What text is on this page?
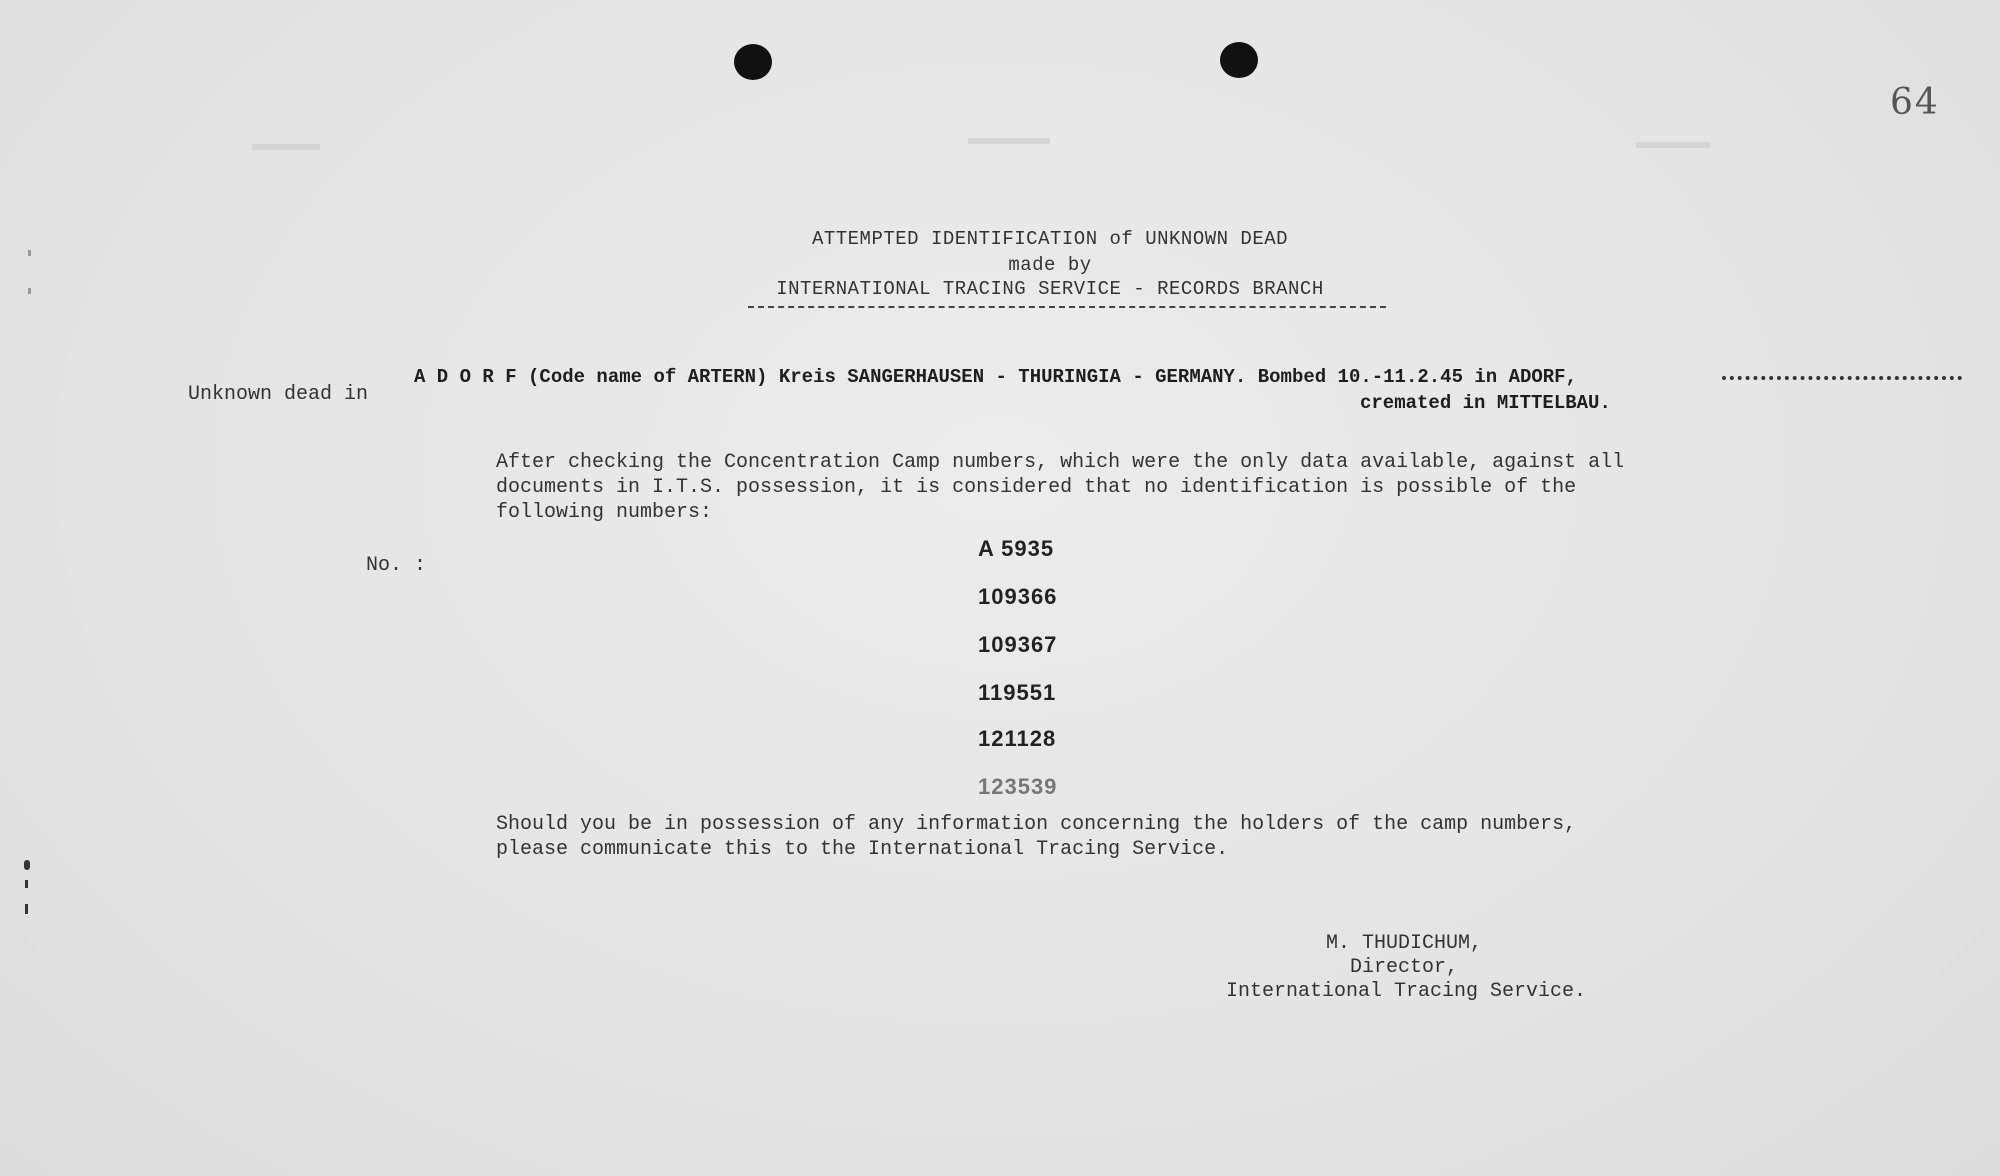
64
ATTEMPTED IDENTIFICATION of UNKNOWN DEAD
made by
INTERNATIONAL TRACING SERVICE - RECORDS BRANCH
Unknown dead in
A D O R F (Code name of ARTERN) Kreis SANGERHAUSEN - THURINGIA - GERMANY. Bombed 10.-11.2.45 in ADORF,
cremated in MITTELBAU.
After checking the Concentration Camp numbers, which were the only data available, against all
documents in I.T.S. possession, it is considered that no identification is possible of the
following numbers:
No. :
A 5935
109366
109367
119551
121128
123539
Should you be in possession of any information concerning the holders of the camp numbers,
please communicate this to the International Tracing Service.
M. THUDICHUM,
Director,
International Tracing Service.
